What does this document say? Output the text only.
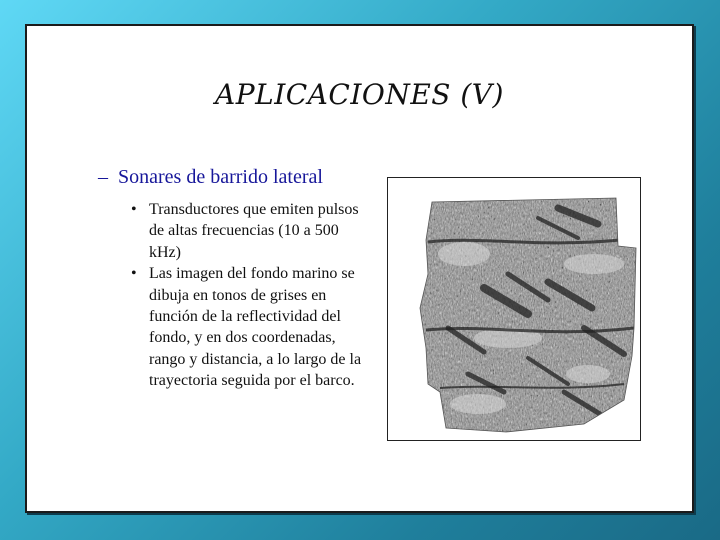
APLICACIONES (V)
– Sonares de barrido lateral
• Transductores que emiten pulsos de altas frecuencias (10 a 500 kHz)
• Las imagen del fondo marino se dibuja en tonos de grises en función de la reflectividad del fondo, y en dos coordenadas, rango y distancia, a lo largo de la trayectoria seguida por el barco.
